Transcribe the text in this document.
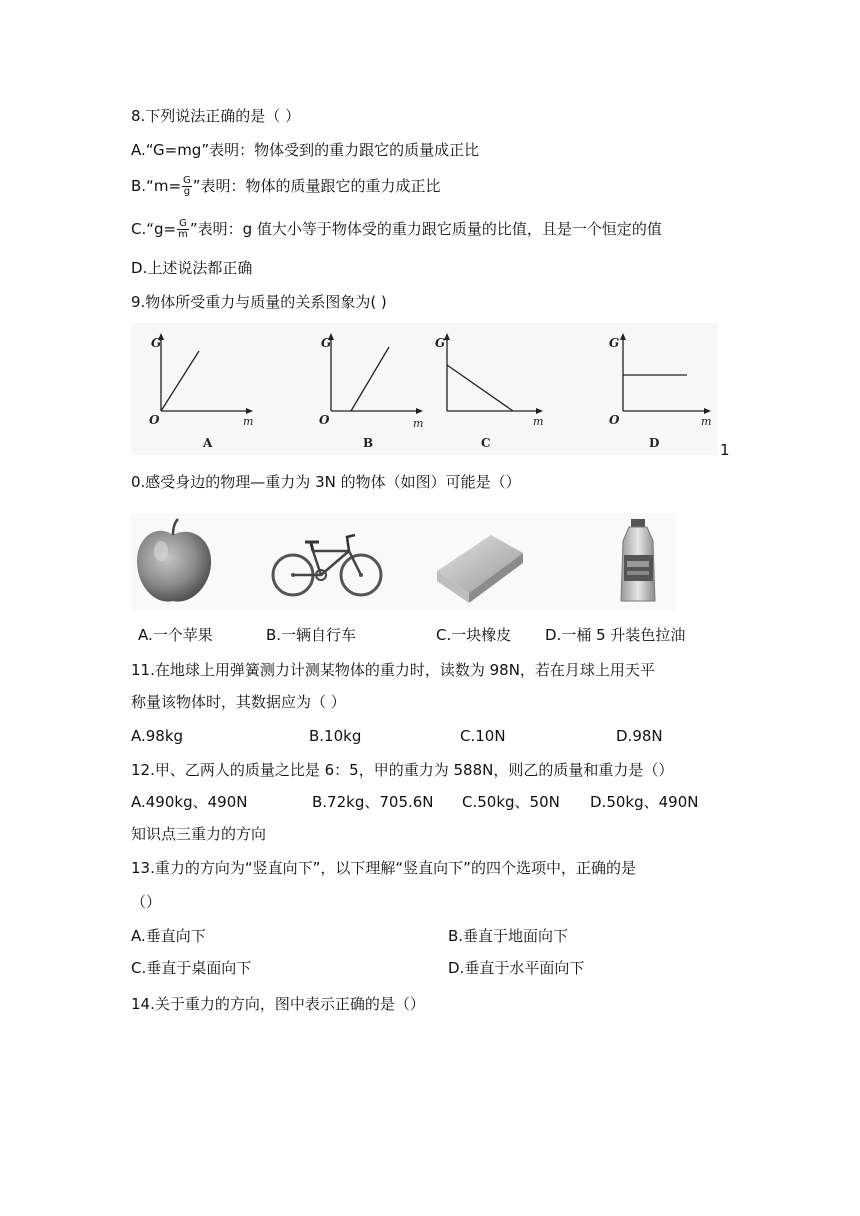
8.下列说法正确的是（ ）
A.“G=mg”表明：物体受到的重力跟它的质量成正比
B.“m= $\frac{G}{g}$ ”表明：物体的质量跟它的重力成正比
C.“g= $\frac{G}{m}$ ”表明：g 值大小等于物体受的重力跟它质量的比值，且是一个恒定的值
D.上述说法都正确
9.物体所受重力与质量的关系图象为( )
G
O	m
A
G
O	m
B
G
m
C
G
O	m
D	1
0.感受身边的物理—重力为 3N 的物体（如图）可能是（）
A.一个苹果	B.一辆自行车	C.一块橡皮 D.一桶 5 升装色拉油
11.在地球上用弹簧测力计测某物体的重力时，读数为 98N，若在月球上用天平
称量该物体时，其数据应为（ ）
A.98kg	B.10kg	C.10N	D.98N
12.甲、乙两人的质量之比是 6：5，甲的重力为 588N，则乙的质量和重力是（）
A.490kg、490N	B.72kg、705.6N C.50kg、50N D.50kg、490N
知识点三重力的方向
13.重力的方向为“竖直向下”，以下理解“竖直向下”的四个选项中，正确的是
（）
A.垂直向下	B.垂直于地面向下
C.垂直于桌面向下	D.垂直于水平面向下
14.关于重力的方向，图中表示正确的是（）
